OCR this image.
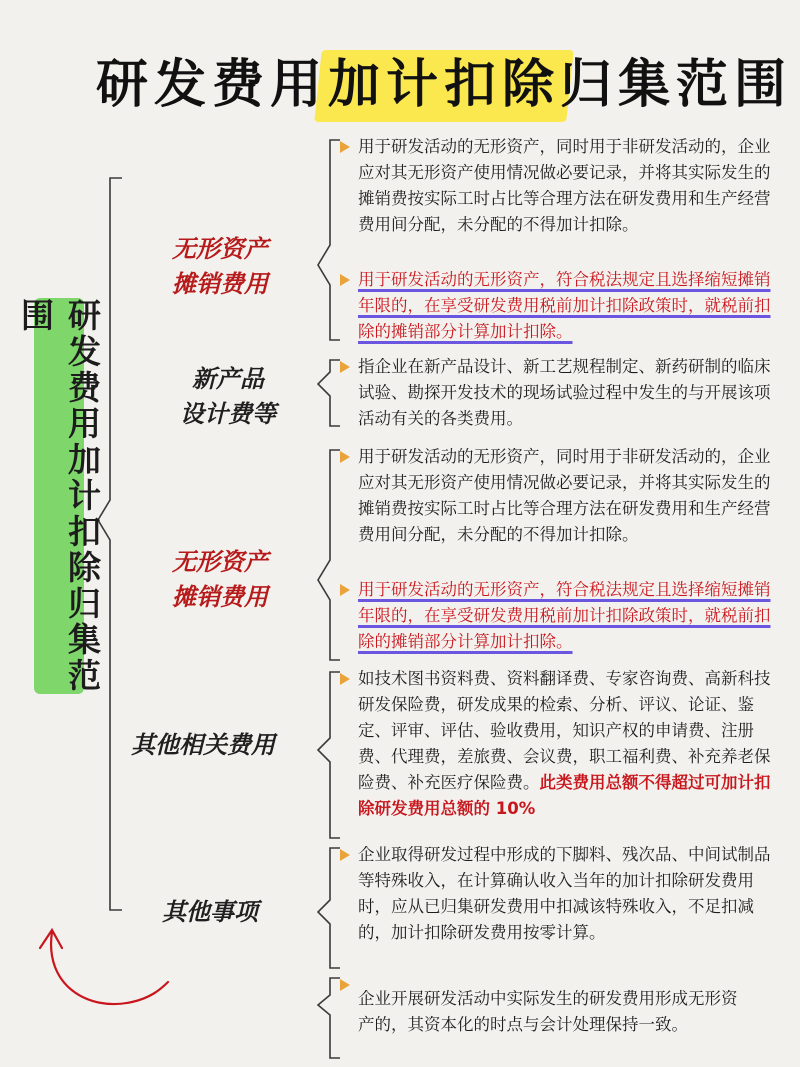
研发费用加计扣除归集范围
研发费用加计扣除归集范围
无形资产
摊销费用
新产品
设计费等
无形资产
摊销费用
其他相关费用
其他事项
用于研发活动的无形资产，同时用于非研发活动的，企业应对其无形资产使用情况做必要记录，并将其实际发生的摊销费按实际工时占比等合理方法在研发费用和生产经营费用间分配，未分配的不得加计扣除。
用于研发活动的无形资产，符合税法规定且选择缩短摊销年限的，在享受研发费用税前加计扣除政策时，就税前扣除的摊销部分计算加计扣除。
指企业在新产品设计、新工艺规程制定、新药研制的临床试验、勘探开发技术的现场试验过程中发生的与开展该项活动有关的各类费用。
用于研发活动的无形资产，同时用于非研发活动的，企业应对其无形资产使用情况做必要记录，并将其实际发生的摊销费按实际工时占比等合理方法在研发费用和生产经营费用间分配，未分配的不得加计扣除。
用于研发活动的无形资产，符合税法规定且选择缩短摊销年限的，在享受研发费用税前加计扣除政策时，就税前扣除的摊销部分计算加计扣除。
如技术图书资料费、资料翻译费、专家咨询费、高新科技研发保险费，研发成果的检索、分析、评议、论证、鉴定、评审、评估、验收费用，知识产权的申请费、注册费、代理费，差旅费、会议费，职工福利费、补充养老保险费、补充医疗保险费。此类费用总额不得超过可加计扣除研发费用总额的 10%
企业取得研发过程中形成的下脚料、残次品、中间试制品等特殊收入，在计算确认收入当年的加计扣除研发费用时，应从已归集研发费用中扣减该特殊收入，不足扣减的，加计扣除研发费用按零计算。
企业开展研发活动中实际发生的研发费用形成无形资产的，其资本化的时点与会计处理保持一致。
